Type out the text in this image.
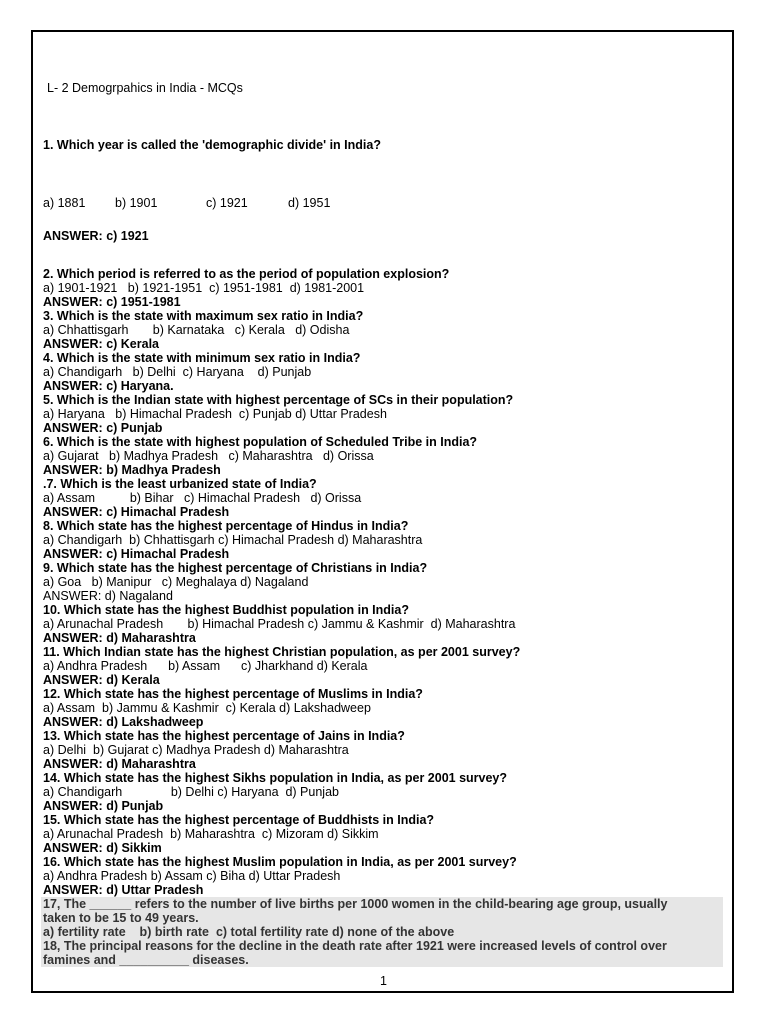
L- 2 Demogrpahics in India - MCQs
1. Which year is called the 'demographic divide' in India?
a) 1881 b) 1901	c) 1921	d) 1951
ANSWER: c) 1921
2. Which period is referred to as the period of population explosion?
a) 1901-1921   b) 1921-1951  c) 1951-1981  d) 1981-2001
ANSWER: c) 1951-1981
3. Which is the state with maximum sex ratio in India?
a) Chhattisgarh       b) Karnataka   c) Kerala   d) Odisha
ANSWER: c) Kerala
4. Which is the state with minimum sex ratio in India?
a) Chandigarh   b) Delhi  c) Haryana    d) Punjab
ANSWER: c) Haryana.
5. Which is the Indian state with highest percentage of SCs in their population?
a) Haryana   b) Himachal Pradesh  c) Punjab d) Uttar Pradesh
ANSWER: c) Punjab
6. Which is the state with highest population of Scheduled Tribe in India?
a) Gujarat   b) Madhya Pradesh   c) Maharashtra   d) Orissa
ANSWER: b) Madhya Pradesh
.7. Which is the least urbanized state of India?
a) Assam          b) Bihar   c) Himachal Pradesh   d) Orissa
ANSWER: c) Himachal Pradesh
8. Which state has the highest percentage of Hindus in India?
a) Chandigarh  b) Chhattisgarh c) Himachal Pradesh d) Maharashtra
ANSWER: c) Himachal Pradesh
9. Which state has the highest percentage of Christians in India?
a) Goa   b) Manipur   c) Meghalaya d) Nagaland
ANSWER: d) Nagaland
10. Which state has the highest Buddhist population in India?
a) Arunachal Pradesh       b) Himachal Pradesh c) Jammu & Kashmir  d) Maharashtra
ANSWER: d) Maharashtra
11. Which Indian state has the highest Christian population, as per 2001 survey?
a) Andhra Pradesh      b) Assam      c) Jharkhand d) Kerala
ANSWER: d) Kerala
12. Which state has the highest percentage of Muslims in India?
a) Assam  b) Jammu & Kashmir  c) Kerala d) Lakshadweep
ANSWER: d) Lakshadweep
13. Which state has the highest percentage of Jains in India?
a) Delhi  b) Gujarat c) Madhya Pradesh d) Maharashtra
ANSWER: d) Maharashtra
14. Which state has the highest Sikhs population in India, as per 2001 survey?
a) Chandigarh              b) Delhi c) Haryana  d) Punjab
ANSWER: d) Punjab
15. Which state has the highest percentage of Buddhists in India?
a) Arunachal Pradesh  b) Maharashtra  c) Mizoram d) Sikkim
ANSWER: d) Sikkim
16. Which state has the highest Muslim population in India, as per 2001 survey?
a) Andhra Pradesh b) Assam c) Biha d) Uttar Pradesh
ANSWER: d) Uttar Pradesh
17, The ______ refers to the number of live births per 1000 women in the child-bearing age group, usually
taken to be 15 to 49 years.
a) fertility rate    b) birth rate  c) total fertility rate d) none of the above
18, The principal reasons for the decline in the death rate after 1921 were increased levels of control over
famines and __________ diseases.
1
